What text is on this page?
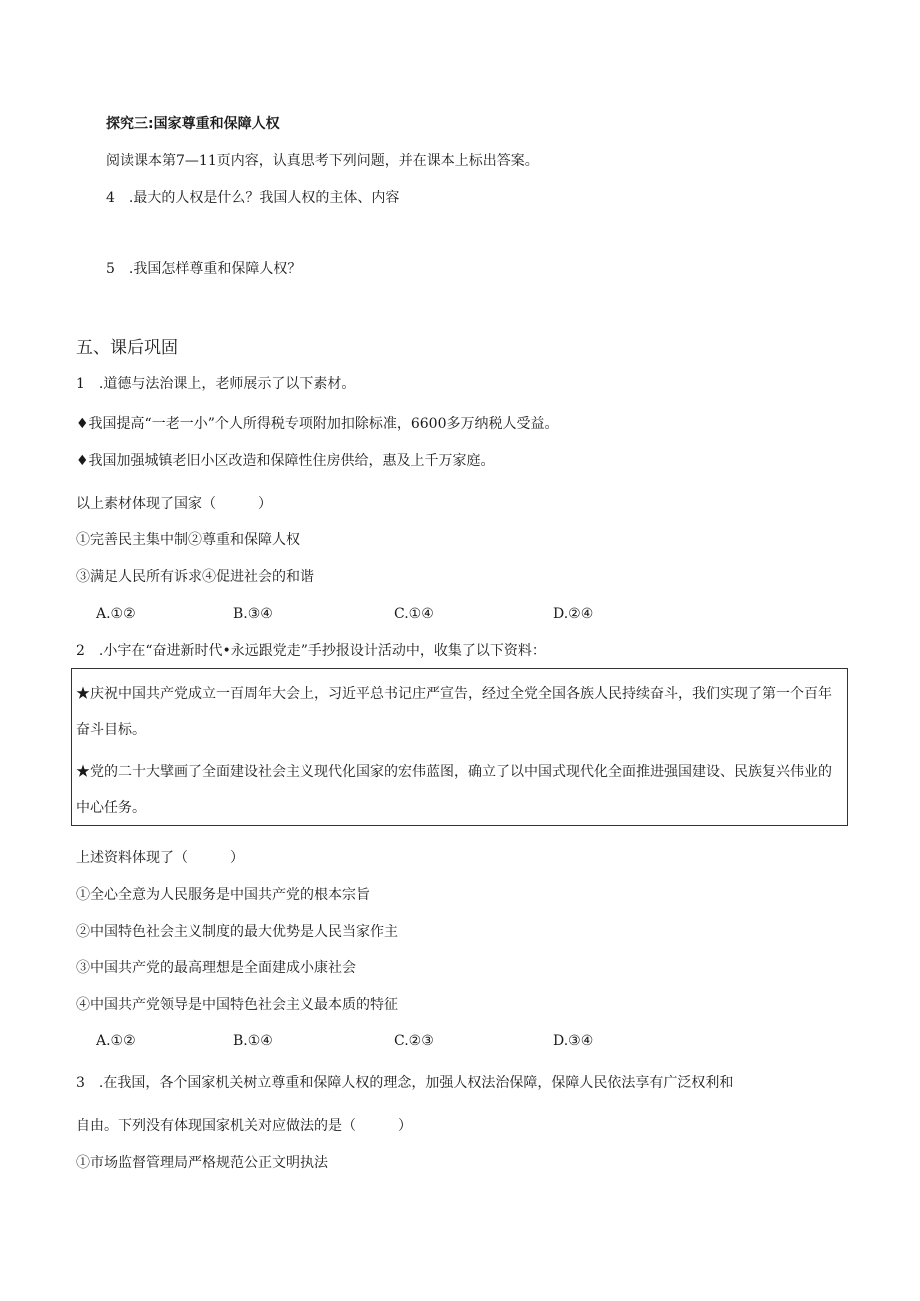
探究三:国家尊重和保障人权
阅读课本第7—11页内容，认真思考下列问题，并在课本上标出答案。
4　.最大的人权是什么？我国人权的主体、内容
5　.我国怎样尊重和保障人权？
五、课后巩固
1　.道德与法治课上，老师展示了以下素材。
♦我国提高“一老一小”个人所得税专项附加扣除标准，6600多万纳税人受益。
♦我国加强城镇老旧小区改造和保障性住房供给，惠及上千万家庭。
以上素材体现了国家（　　　）
①完善民主集中制②尊重和保障人权
③满足人民所有诉求④促进社会的和谐
A.①②	B.③④	C.①④	D.②④
2　.小宇在“奋进新时代•永远跟党走”手抄报设计活动中，收集了以下资料：
★庆祝中国共产党成立一百周年大会上，习近平总书记庄严宣告，经过全党全国各族人民持续奋斗，我们实现了第一个百年奋斗目标。
★党的二十大擘画了全面建设社会主义现代化国家的宏伟蓝图，确立了以中国式现代化全面推进强国建设、民族复兴伟业的中心任务。
上述资料体现了（　　　）
①全心全意为人民服务是中国共产党的根本宗旨
②中国特色社会主义制度的最大优势是人民当家作主
③中国共产党的最高理想是全面建成小康社会
④中国共产党领导是中国特色社会主义最本质的特征
A.①②	B.①④	C.②③	D.③④
3　.在我国，各个国家机关树立尊重和保障人权的理念，加强人权法治保障，保障人民依法享有广泛权利和
自由。下列没有体现国家机关对应做法的是（　　　）
①市场监督管理局严格规范公正文明执法
